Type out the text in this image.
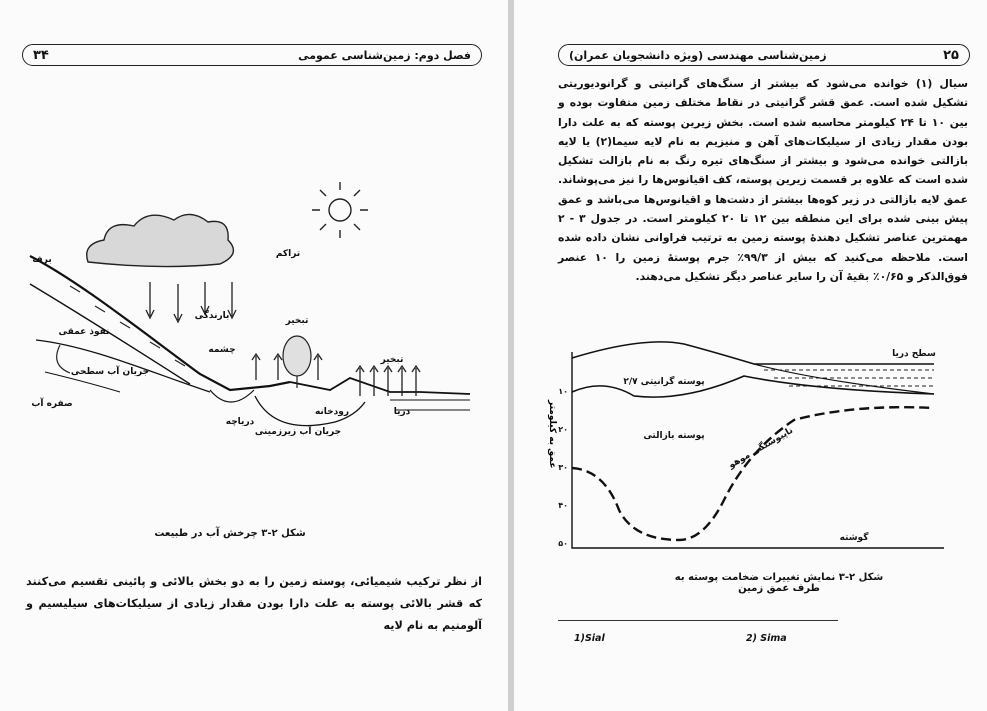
فصل دوم: زمین‌شناسی عمومی
۳۴
تراکم
بارندگی	تبخیر
تبخیر
برف
نفوذ عمقی
چشمه
دریاچه
رودخانه	دریا
جریان آب زیرزمینی
صفره آب
جریان آب سطحی
شکل ۲-۳ چرخش آب در طبیعت
از نظر ترکیب شیمیائی، پوسته زمین را به دو بخش بالائی و پائینی تقسیم می‌کنند که قشر بالائی پوسته به علت دارا بودن مقدار زیادی از سیلیکات‌های سیلیسیم و آلومنیم به نام لایه
۲۵
زمین‌شناسی مهندسی (ویژه دانشجویان عمران)
سیال (۱) خوانده می‌شود که بیشتر از سنگ‌های گرانیتی و گرانودیوریتی تشکیل شده است. عمق قشر گرانیتی در نقاط مختلف زمین متفاوت بوده و بین ۱۰ تا ۲۴ کیلومتر محاسبه شده است. بخش زیرین پوسته که به علت دارا بودن مقدار زیادی از سیلیکات‌های آهن و منیزیم به نام لایه سیما(۲) یا لایه بازالتی خوانده می‌شود و بیشتر از سنگ‌های تیره رنگ به نام بازالت تشکیل شده است که علاوه بر قسمت زیرین پوسته، کف اقیانوس‌ها را نیز می‌پوشاند. عمق لایه بازالتی در زیر کوه‌ها بیشتر از دشت‌ها و اقیانوس‌ها می‌باشد و عمق پیش بینی شده برای این منطقه بین ۱۲ تا ۲۰ کیلومتر است. در جدول ۳ - ۲ مهمترین عناصر تشکیل دهندهٔ پوسته زمین به ترتیب فراوانی نشان داده شده است. ملاحظه می‌کنید که بیش از ۹۹/۳٪ جرم پوستهٔ زمین را ۱۰ عنصر فوق‌الذکر و ۰/۶۵٪ بقیهٔ آن را سایر عناصر دیگر تشکیل می‌دهند.
۱۰
۲۰
۳۰
۴۰
۵۰
عمق به کیلومتر
سطح دریا
پوسته گرانیتی ۲/۷
پوسته بازالتی ناپیوستگی موهو
گوشته
شکل ۲-۳ نمایش تغییرات ضخامت پوسته به طرف عمق زمین
1)Sial	2) Sima
